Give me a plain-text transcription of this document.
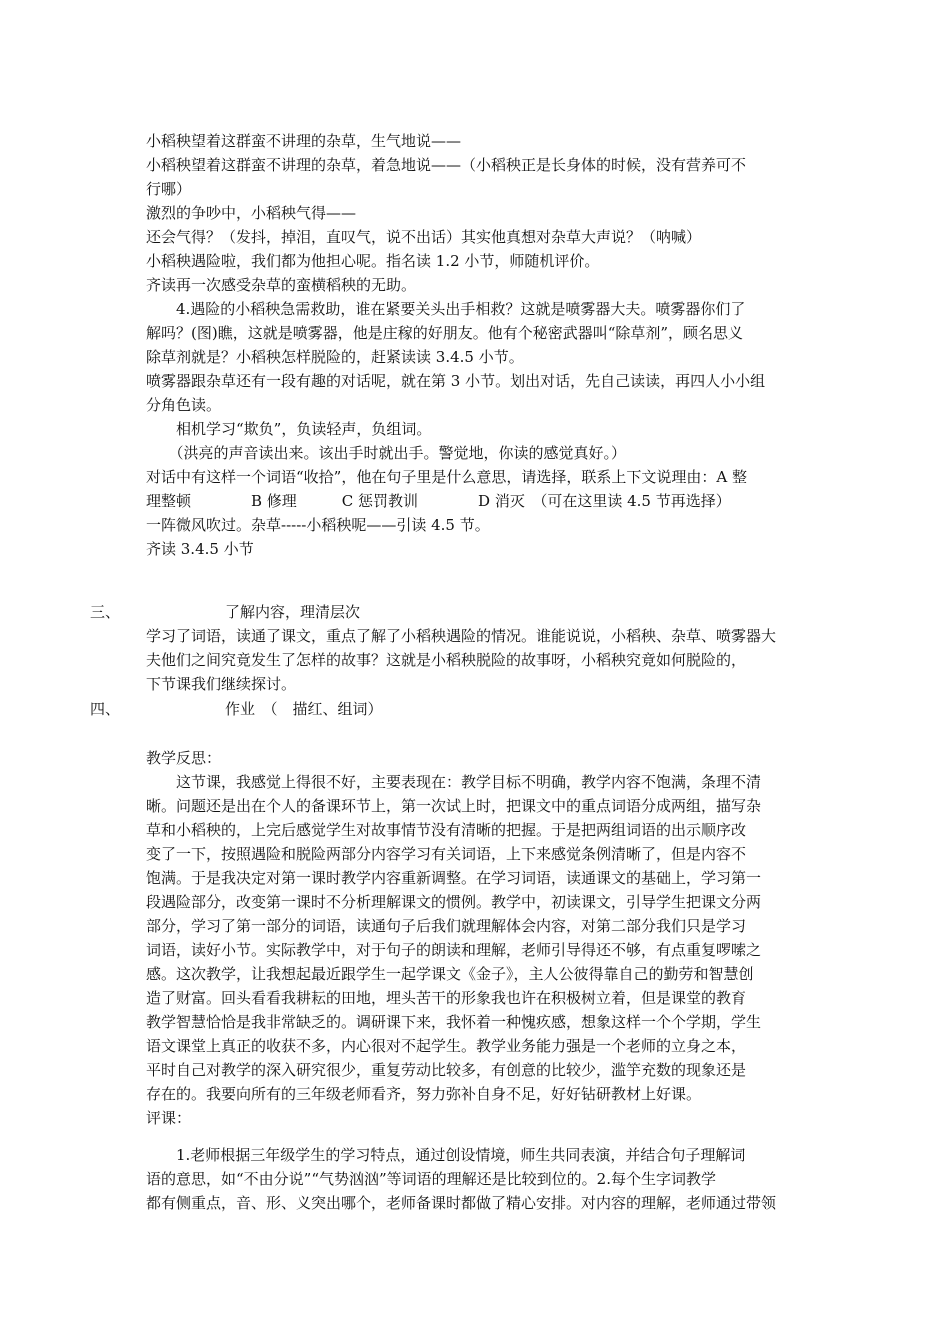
小稻秧望着这群蛮不讲理的杂草，生气地说——
小稻秧望着这群蛮不讲理的杂草，着急地说——（小稻秧正是长身体的时候，没有营养可不
行哪）
激烈的争吵中，小稻秧气得——
还会气得？（发抖，掉泪，直叹气，说不出话）其实他真想对杂草大声说？（呐喊）
小稻秧遇险啦，我们都为他担心呢。指名读 1.2 小节，师随机评价。
齐读再一次感受杂草的蛮横稻秧的无助。
　　4.遇险的小稻秧急需救助，谁在紧要关头出手相救？这就是喷雾器大夫。喷雾器你们了
解吗？(图)瞧，这就是喷雾器，他是庄稼的好朋友。他有个秘密武器叫“除草剂”，顾名思义
除草剂就是？小稻秧怎样脱险的，赶紧读读 3.4.5 小节。
喷雾器跟杂草还有一段有趣的对话呢，就在第 3 小节。划出对话，先自己读读，再四人小小组
分角色读。
　　相机学习“欺负”，负读轻声，负组词。
　　（洪亮的声音读出来。该出手时就出手。警觉地，你读的感觉真好。）
对话中有这样一个词语“收拾”，他在句子里是什么意思，请选择，联系上下文说理由：A 整
理整顿　　　　B 修理　　　C 惩罚教训　　　　D 消灭　（可在这里读 4.5 节再选择）
一阵微风吹过。杂草-----小稻秧呢——引读 4.5 节。
齐读 3.4.5 小节
三、	了解内容，理清层次
学习了词语，读通了课文，重点了解了小稻秧遇险的情况。谁能说说，小稻秧、杂草、喷雾器大
夫他们之间究竟发生了怎样的故事？这就是小稻秧脱险的故事呀，小稻秧究竟如何脱险的，
下节课我们继续探讨。
四、	作业　（　描红、组词）
教学反思：
　　这节课，我感觉上得很不好，主要表现在：教学目标不明确，教学内容不饱满，条理不清
晰。问题还是出在个人的备课环节上，第一次试上时，把课文中的重点词语分成两组，描写杂
草和小稻秧的，上完后感觉学生对故事情节没有清晰的把握。于是把两组词语的出示顺序改
变了一下，按照遇险和脱险两部分内容学习有关词语，上下来感觉条例清晰了，但是内容不
饱满。于是我决定对第一课时教学内容重新调整。在学习词语，读通课文的基础上，学习第一
段遇险部分，改变第一课时不分析理解课文的惯例。教学中，初读课文，引导学生把课文分两
部分，学习了第一部分的词语，读通句子后我们就理解体会内容，对第二部分我们只是学习
词语，读好小节。实际教学中，对于句子的朗读和理解，老师引导得还不够，有点重复啰嗦之
感。这次教学，让我想起最近跟学生一起学课文《金子》，主人公彼得靠自己的勤劳和智慧创
造了财富。回头看看我耕耘的田地，埋头苦干的形象我也许在积极树立着，但是课堂的教育
教学智慧恰恰是我非常缺乏的。调研课下来，我怀着一种愧疚感，想象这样一个个学期，学生
语文课堂上真正的收获不多，内心很对不起学生。教学业务能力强是一个老师的立身之本，
平时自己对教学的深入研究很少，重复劳动比较多，有创意的比较少，滥竽充数的现象还是
存在的。我要向所有的三年级老师看齐，努力弥补自身不足，好好钻研教材上好课。
评课：
　　1.老师根据三年级学生的学习特点，通过创设情境，师生共同表演，并结合句子理解词
语的意思，如“不由分说”“气势汹汹”等词语的理解还是比较到位的。2.每个生字词教学
都有侧重点，音、形、义突出哪个，老师备课时都做了精心安排。对内容的理解，老师通过带领
